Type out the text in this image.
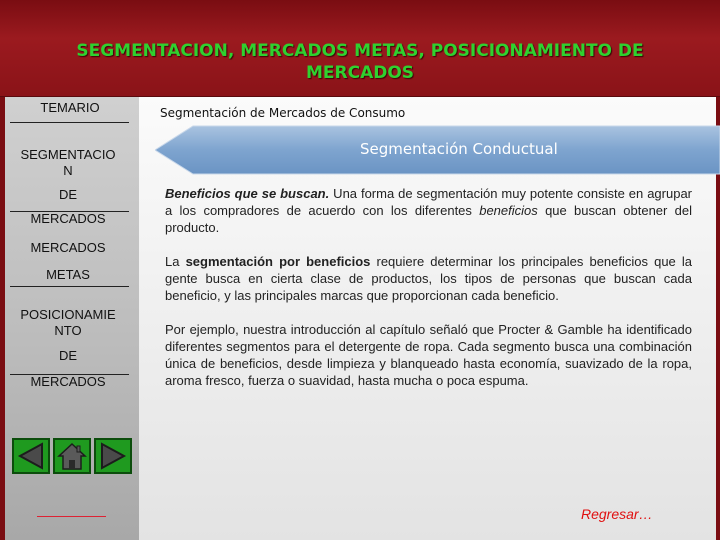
SEGMENTACION, MERCADOS METAS, POSICIONAMIENTO DE
MERCADOS
TEMARIO
SEGMENTACIO
N
DE
MERCADOS
MERCADOS
METAS
POSICIONAMIE
NTO
DE
MERCADOS
Segmentación de Mercados de Consumo
Segmentación Conductual
Beneficios que se buscan. Una forma de segmentación muy potente consiste en agrupar a los compradores de acuerdo con los diferentes beneficios que buscan obtener del producto.
La segmentación por beneficios requiere determinar los principales beneficios que la gente busca en cierta clase de productos, los tipos de personas que buscan cada beneficio, y las principales marcas que proporcionan cada beneficio.
Por ejemplo, nuestra introducción al capítulo señaló que Procter & Gamble ha identificado diferentes segmentos para el detergente de ropa. Cada segmento busca una combinación única de beneficios, desde limpieza y blanqueado hasta economía, suavizado de la ropa, aroma fresco, fuerza o suavidad, hasta mucha o poca espuma.
Regresar…
